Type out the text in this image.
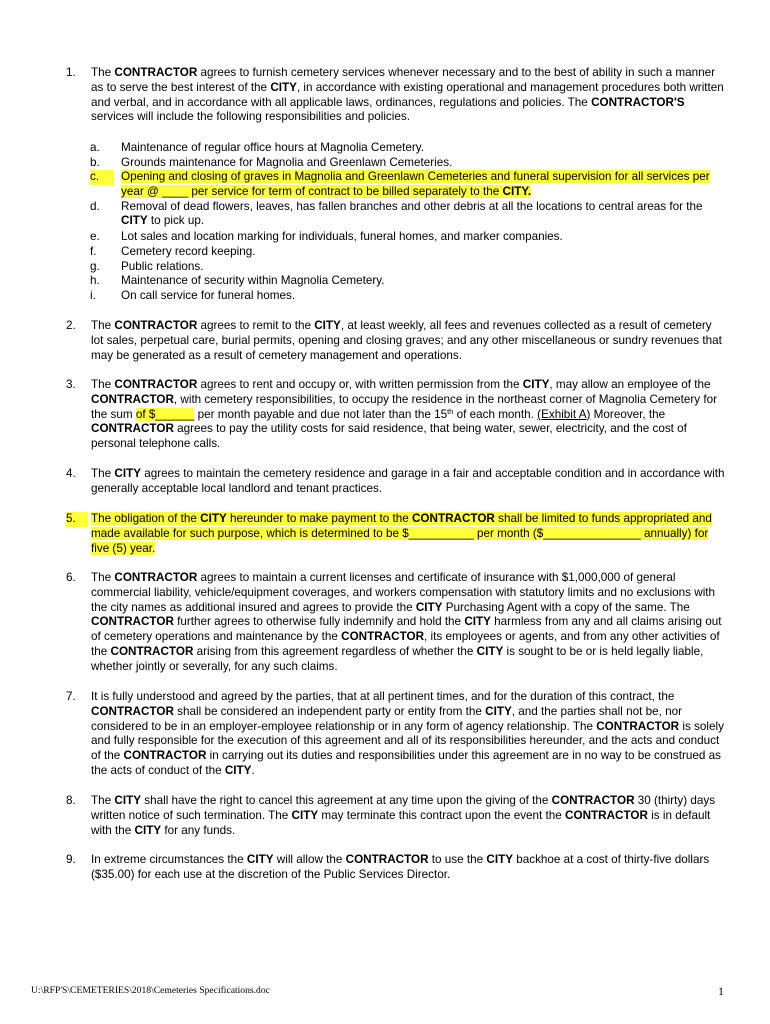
1.	The CONTRACTOR agrees to furnish cemetery services whenever necessary and to the best of ability in such a manner as to serve the best interest of the CITY, in accordance with existing operational and management procedures both written and verbal, and in accordance with all applicable laws, ordinances, regulations and policies. The CONTRACTOR'S services will include the following responsibilities and policies.
a.	Maintenance of regular office hours at Magnolia Cemetery.
b.	Grounds maintenance for Magnolia and Greenlawn Cemeteries.
c.	Opening and closing of graves in Magnolia and Greenlawn Cemeteries and funeral supervision for all services per year @ ____ per service for term of contract to be billed separately to the CITY.
d.	Removal of dead flowers, leaves, has fallen branches and other debris at all the locations to central areas for the CITY to pick up.
e.	Lot sales and location marking for individuals, funeral homes, and marker companies.
f.	Cemetery record keeping.
g.	Public relations.
h.	Maintenance of security within Magnolia Cemetery.
i.	On call service for funeral homes.
2.	The CONTRACTOR agrees to remit to the CITY, at least weekly, all fees and revenues collected as a result of cemetery lot sales, perpetual care, burial permits, opening and closing graves; and any other miscellaneous or sundry revenues that may be generated as a result of cemetery management and operations.
3.	The CONTRACTOR agrees to rent and occupy or, with written permission from the CITY, may allow an employee of the CONTRACTOR, with cemetery responsibilities, to occupy the residence in the northeast corner of Magnolia Cemetery for the sum of $______ per month payable and due not later than the 15th of each month. (Exhibit A) Moreover, the CONTRACTOR agrees to pay the utility costs for said residence, that being water, sewer, electricity, and the cost of personal telephone calls.
4.	The CITY agrees to maintain the cemetery residence and garage in a fair and acceptable condition and in accordance with generally acceptable local landlord and tenant practices.
5.	The obligation of the CITY hereunder to make payment to the CONTRACTOR shall be limited to funds appropriated and made available for such purpose, which is determined to be $__________ per month ($_______________ annually) for five (5) year.
6.	The CONTRACTOR agrees to maintain a current licenses and certificate of insurance with $1,000,000 of general commercial liability, vehicle/equipment coverages, and workers compensation with statutory limits and no exclusions with the city names as additional insured and agrees to provide the CITY Purchasing Agent with a copy of the same. The CONTRACTOR further agrees to otherwise fully indemnify and hold the CITY harmless from any and all claims arising out of cemetery operations and maintenance by the CONTRACTOR, its employees or agents, and from any other activities of the CONTRACTOR arising from this agreement regardless of whether the CITY is sought to be or is held legally liable, whether jointly or severally, for any such claims.
7.	It is fully understood and agreed by the parties, that at all pertinent times, and for the duration of this contract, the CONTRACTOR shall be considered an independent party or entity from the CITY, and the parties shall not be, nor considered to be in an employer-employee relationship or in any form of agency relationship. The CONTRACTOR is solely and fully responsible for the execution of this agreement and all of its responsibilities hereunder, and the acts and conduct of the CONTRACTOR in carrying out its duties and responsibilities under this agreement are in no way to be construed as the acts of conduct of the CITY.
8.	The CITY shall have the right to cancel this agreement at any time upon the giving of the CONTRACTOR 30 (thirty) days written notice of such termination. The CITY may terminate this contract upon the event the CONTRACTOR is in default with the CITY for any funds.
9.	In extreme circumstances the CITY will allow the CONTRACTOR to use the CITY backhoe at a cost of thirty-five dollars ($35.00) for each use at the discretion of the Public Services Director.
U:\RFP'S\CEMETERIES\2018\Cemeteries Specifications.doc	1
